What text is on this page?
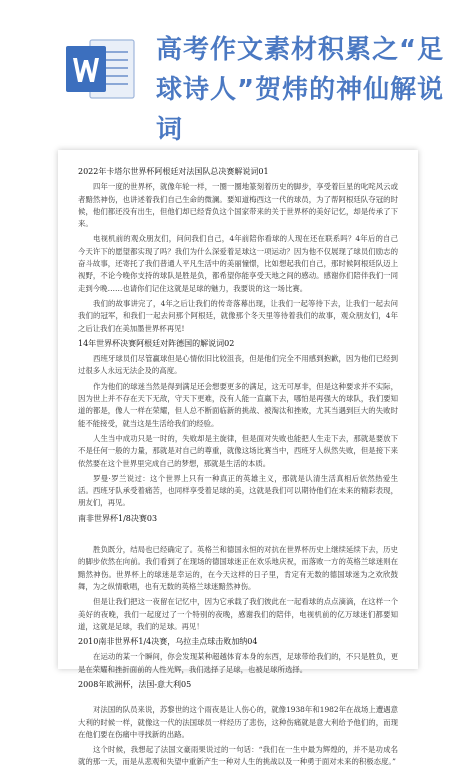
高考作文素材积累之“足球诗人”贺炜的神仙解说词
2022年卡塔尔世界杯阿根廷对法国队总决赛解说词01
四年一度的世界杯，就像年轮一样，一圈一圈地篆刻着历史的脚步，享受着巨星的叱咤风云或者黯然神伤，也讲述着我们自己生命的微澜。要知道梅西这一代的球员，为了帮阿根廷队夺冠的时候，他们都还没有出生，但他们却已经背负这个国家带来的关于世界杯的美好记忆，却是传承了下来。
电视机前的观众朋友们，问问我们自己，4年前陪你看球的人现在还在联系吗？4年后的自己今天许下的愿望都实现了吗？我们为什么深爱着足球这一项运动？因为他不仅展现了球员们励志的奋斗故事，还寄托了我们普通人平凡生活中的美丽憧憬，比如想起我们自己，那时候阿根廷队迈上视野，不论今晚你支持的球队是胜是负，都希望你能享受天地之间的感动。感谢你们陪伴我们一同走到今晚……也请你们记住这就是足球的魅力，我要说的这一场比赛。
我们的故事讲完了，4年之后让我们的传奇落幕出现，让我们一起等待下去，让我们一起去问我们的冠军，和我们一起去问那个阿根廷，就像那个冬天里等待着我们的故事，观众朋友们，4年之后让我们在美加墨世界杯再见!
14年世界杯决赛阿根廷对阵德国的解说词02
西班牙球员们尽管赢球但是心情依旧比较沮丧，但是他们完全不用感到抱歉，因为他们已经到过很多人永远无法企及的高度。
作为他们的球迷当然是得到满足还会想要更多的满足，这无可厚非，但是这种要求并不实际，因为世上并不存在天下无敌，守天下更难，没有人能一直赢下去，哪怕是再强大的球队，我们要知道的都是，像人一样在荣耀，但人总不断面临新的挑战、被淘汰和挫败，尤其当遇到巨大的失败时能不能接受，就当这是生活给我们的经验。
人生当中成功只是一时的，失败却是主旋律，但是面对失败也能把人生走下去，那就是要放下不是任何一般的力量，那就是对自己的尊重，就像这场比赛当中，西班牙人纵然失败，但是接下来依然要在这个世界里完成自己的梦想，那就是生活的本质。
罗曼·罗兰说过：这个世界上只有一种真正的英雄主义，那就是认清生活真相后依然热爱生活。西班牙队承受着痛苦，也同样享受着足球的美，这就是我们可以期待他们在未来的精彩表现，朋友们，再见。
南非世界杯1/8决赛03
胜负既分，结局也已经确定了。英格兰和德国永恒的对抗在世界杯历史上继续延续下去，历史的脚步依然在向前。我们看到了在现场的德国球迷正在欢乐地庆祝，而落败一方的英格兰球迷则在黯然神伤。世界杯上的球迷是幸运的，在今天这样的日子里，肯定有无数的德国球迷为之欢欣鼓舞，为之纵情歌唱，也有无数的英格兰球迷黯然神伤。
但是让我们把这一夜留在记忆中，因为它承载了我们彼此在一起看球的点点滴滴，在这样一个美好的夜晚，我们一起度过了一个特别的夜晚，感谢我们的陪伴，电视机前的亿万球迷们都要知道，这就是足球，我们的足球。再见！
2010南非世界杯1/4决赛，乌拉圭点球击败加纳04
在运动的某一个瞬间，你会发现某种超越体育本身的东西，足球带给我们的，不只是胜负，更是在荣耀和挫折面前的人性光辉，我们选择了足球，也被足球所选择。
2008年欧洲杯，法国-意大利05
对法国的队员来说，苏黎世的这个雨夜是让人伤心的，就像1938年和1982年在战场上遭遇意大利的时候一样，就像这一代的法国球员一样经历了悲伤，这种伤痛就是意大利给予他们的，而现在他们要在伤痛中寻找新的出路。
这个时候，我想起了法国文豪雨果说过的一句话：“我们在一生中最为辉煌的，并不是功成名就的那一天，而是从悲观和失望中重新产生一种对人生的挑战以及一种勇于面对未来的积极态度。”
